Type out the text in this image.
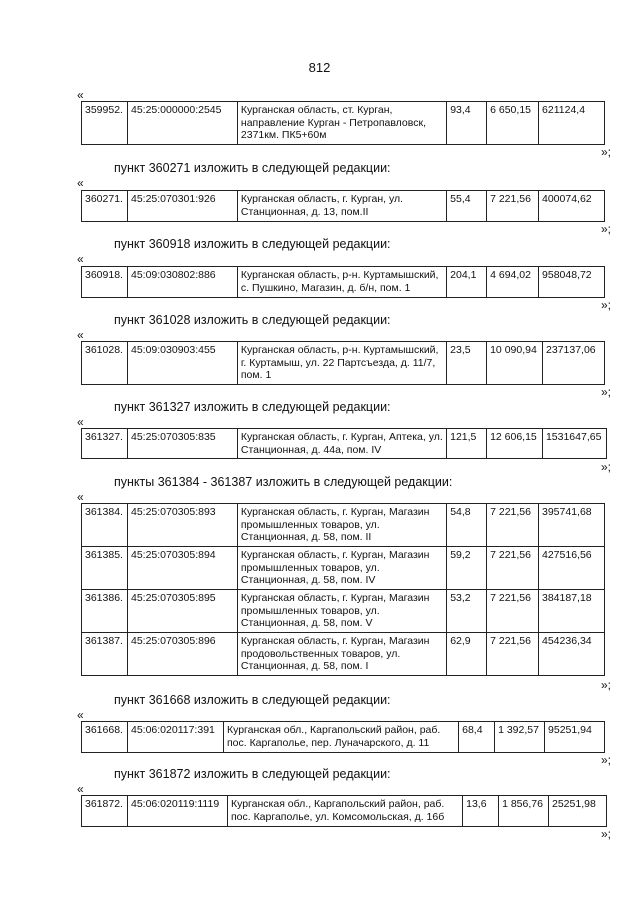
812
«
359952.	45:25:000000:2545	Курганская область, ст. Курган, направление Курган - Петропавловск, 2371км. ПК5+60м	93,4	6 650,15	621124,4
»;
пункт 360271 изложить в следующей редакции:
«
360271.	45:25:070301:926	Курганская область, г. Курган, ул. Станционная, д. 13, пом.II	55,4	7 221,56	400074,62
»;
пункт 360918 изложить в следующей редакции:
«
360918.	45:09:030802:886	Курганская область, р-н. Куртамышский, с. Пушкино, Магазин, д. б/н, пом. 1	204,1	4 694,02	958048,72
»;
пункт 361028 изложить в следующей редакции:
«
361028.	45:09:030903:455	Курганская область, р-н. Куртамышский, г. Куртамыш, ул. 22 Партсъезда, д. 11/7, пом. 1	23,5	10 090,94	237137,06
»;
пункт 361327 изложить в следующей редакции:
«
361327.	45:25:070305:835	Курганская область, г. Курган, Аптека, ул. Станционная, д. 44а, пом. IV	121,5	12 606,15	1531647,65
»;
пункты 361384 - 361387 изложить в следующей редакции:
«
361384.	45:25:070305:893	Курганская область, г. Курган, Магазин промышленных товаров, ул. Станционная, д. 58, пом. II	54,8	7 221,56	395741,68
361385.	45:25:070305:894	Курганская область, г. Курган, Магазин промышленных товаров, ул. Станционная, д. 58, пом. IV	59,2	7 221,56	427516,56
361386.	45:25:070305:895	Курганская область, г. Курган, Магазин промышленных товаров, ул. Станционная, д. 58, пом. V	53,2	7 221,56	384187,18
361387.	45:25:070305:896	Курганская область, г. Курган, Магазин продовольственных товаров, ул. Станционная, д. 58, пом. I	62,9	7 221,56	454236,34
»;
пункт 361668 изложить в следующей редакции:
«
361668.	45:06:020117:391	Курганская обл., Каргапольский район, раб. пос. Каргаполье, пер. Луначарского, д. 11	68,4	1 392,57	95251,94
»;
пункт 361872 изложить в следующей редакции:
«
361872.	45:06:020119:1119	Курганская обл., Каргапольский район, раб. пос. Каргаполье, ул. Комсомольская, д. 16б	13,6	1 856,76	25251,98
»;
